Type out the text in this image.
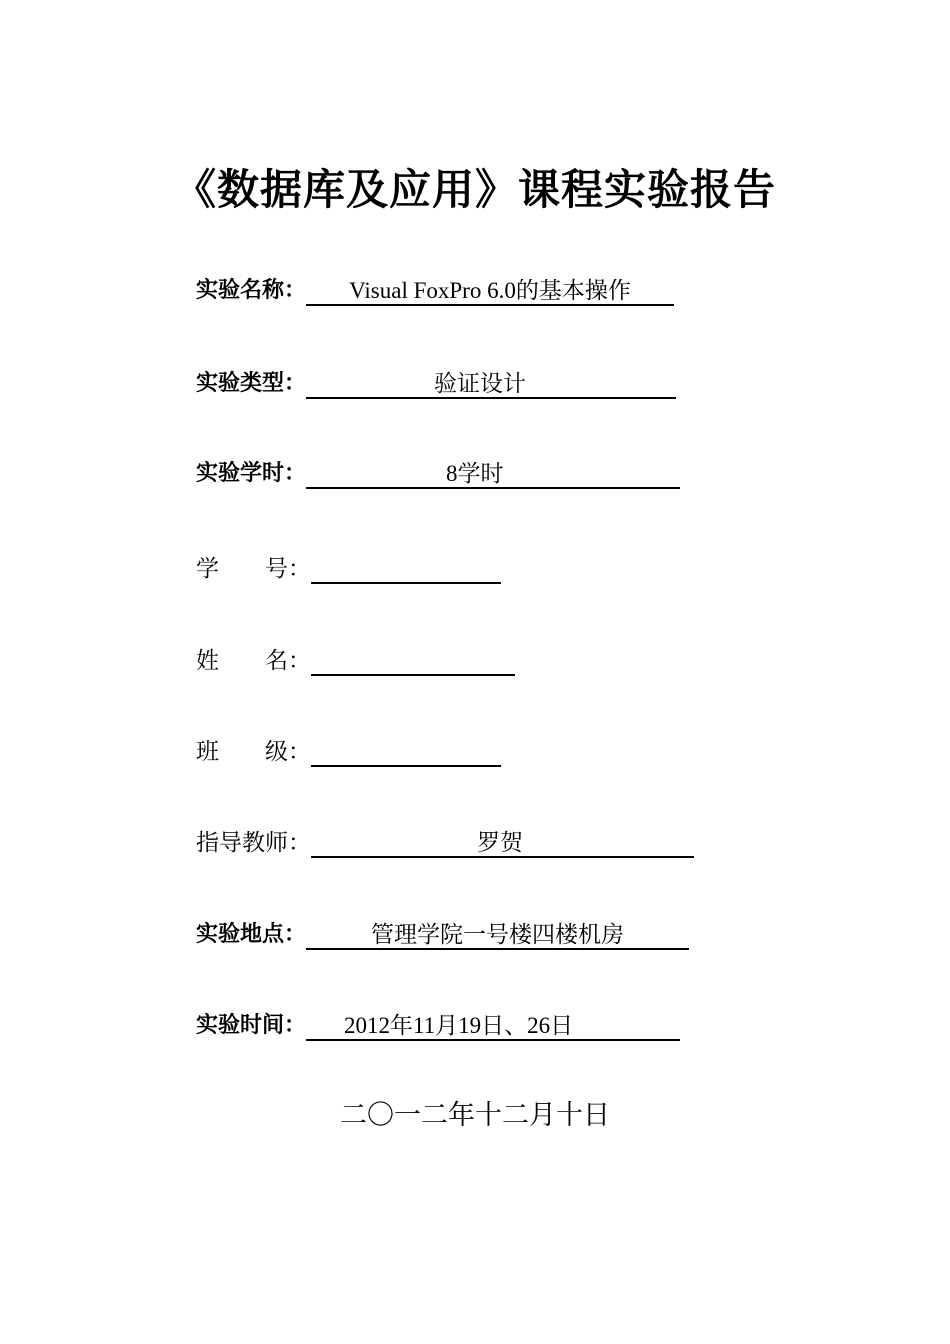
《数据库及应用》课程实验报告
实验名称：	Visual FoxPro 6.0的基本操作
实验类型：	验证设计
实验学时：	8学时
学　　号：
姓　　名：
班　　级：
指导教师：	罗贺
实验地点：	管理学院一号楼四楼机房
实验时间：	2012年11月19日、26日
二〇一二年十二月十日
